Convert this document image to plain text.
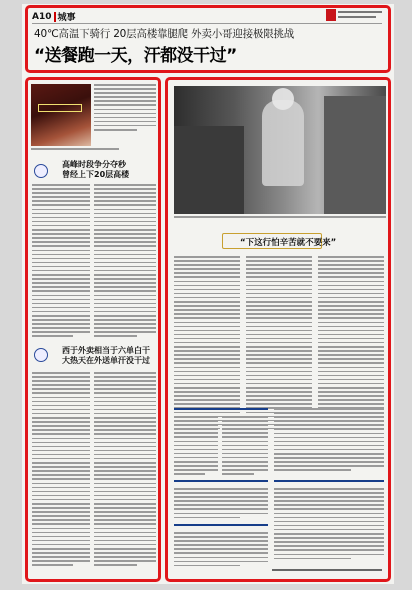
A10 城事
40℃高温下骑行 20层高楼靠腿爬 外卖小哥迎接极限挑战
“送餐跑一天，汗都没干过”
高峰时段争分夺秒
曾经上下20层高楼
西于外卖相当于六单白干
大热天在外送单汗没干过
“下这行怕辛苦就不要来”
